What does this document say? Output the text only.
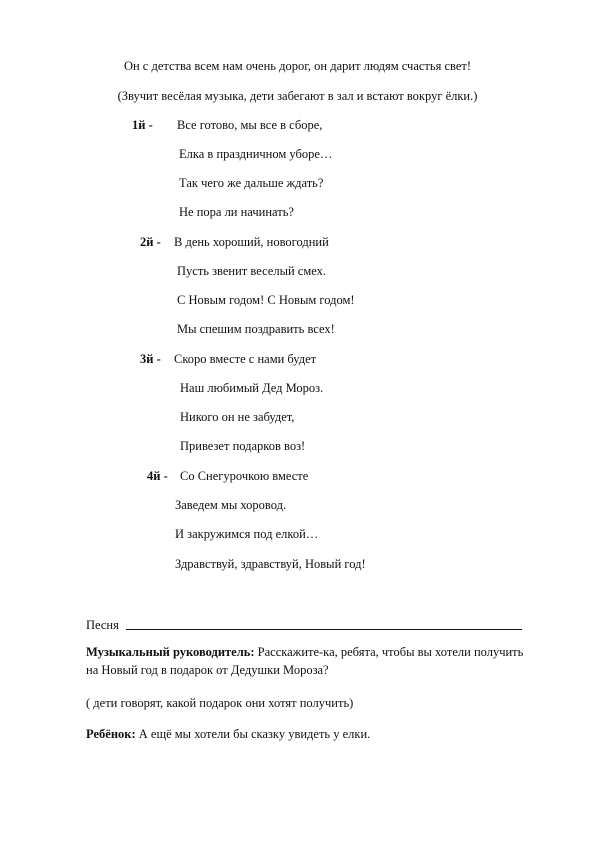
Он с детства всем нам очень дорог, он дарит людям счастья свет!
(Звучит весёлая музыка, дети забегают в зал и встают вокруг ёлки.)
1й - Все готово, мы все в сборе,
Елка в праздничном уборе…
Так чего же дальше ждать?
Не пора ли начинать?
2й - В день хороший, новогодний
Пусть звенит веселый смех.
С Новым годом! С Новым годом!
Мы спешим поздравить всех!
3й - Скоро вместе с нами будет
Наш любимый Дед Мороз.
Никого он не забудет,
Привезет подарков воз!
4й - Со Снегурочкою вместе
Заведем мы хоровод.
И закружимся под елкой…
Здравствуй, здравствуй, Новый год!
Песня
Музыкальный руководитель: Расскажите-ка, ребята, чтобы вы хотели получить на Новый год в подарок от Дедушки Мороза?
( дети говорят, какой подарок они хотят получить)
Ребёнок: А ещё мы хотели бы сказку увидеть у елки.
